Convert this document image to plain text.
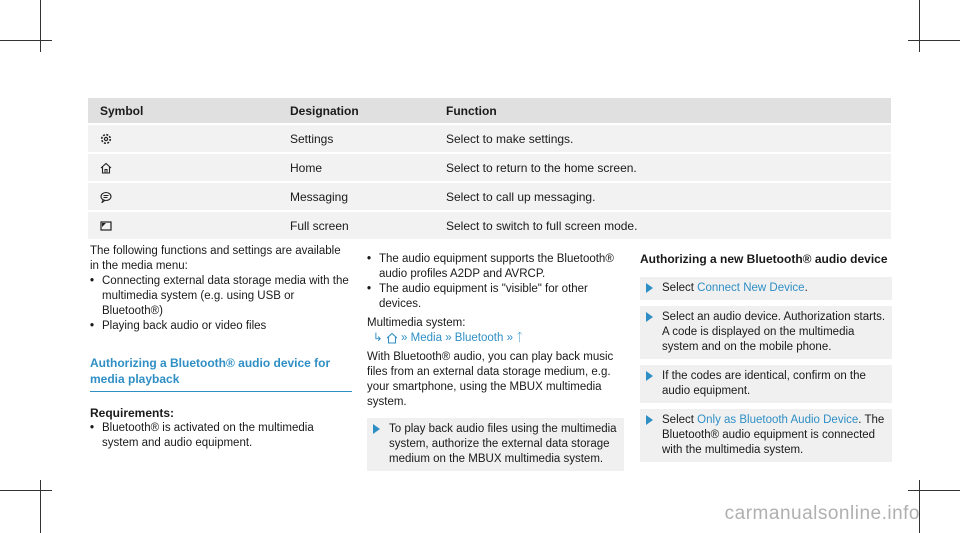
Symbol	Designation	Function
	Settings	Select to make settings.
	Home	Select to return to the home screen.
	Messaging	Select to call up messaging.
	Full screen	Select to switch to full screen mode.

The following functions and settings are available in the media menu:

• Connecting external data storage media with the multimedia system (e.g. using USB or Bluetooth®)

• Playing back audio or video files

Authorizing a Bluetooth® audio device for media playback

Requirements:

• Bluetooth® is activated on the multimedia system and audio equipment.

• The audio equipment supports the Bluetooth® audio profiles A2DP and AVRCP.

• The audio equipment is "visible" for other devices.

Multimedia system:

↳ » Media » Bluetooth » ᛏ

With Bluetooth® audio, you can play back music files from an external data storage medium, e.g. your smartphone, using the MBUX multimedia system.

To play back audio files using the multimedia system, authorize the external data storage medium on the MBUX multimedia system.

Authorizing a new Bluetooth® audio device

Select Connect New Device.
Select an audio device. Authorization starts. A code is displayed on the multimedia system and on the mobile phone.
If the codes are identical, confirm on the audio equipment.
Select Only as Bluetooth Audio Device. The Bluetooth® audio equipment is connected with the multimedia system.
carmanualsonline.info
